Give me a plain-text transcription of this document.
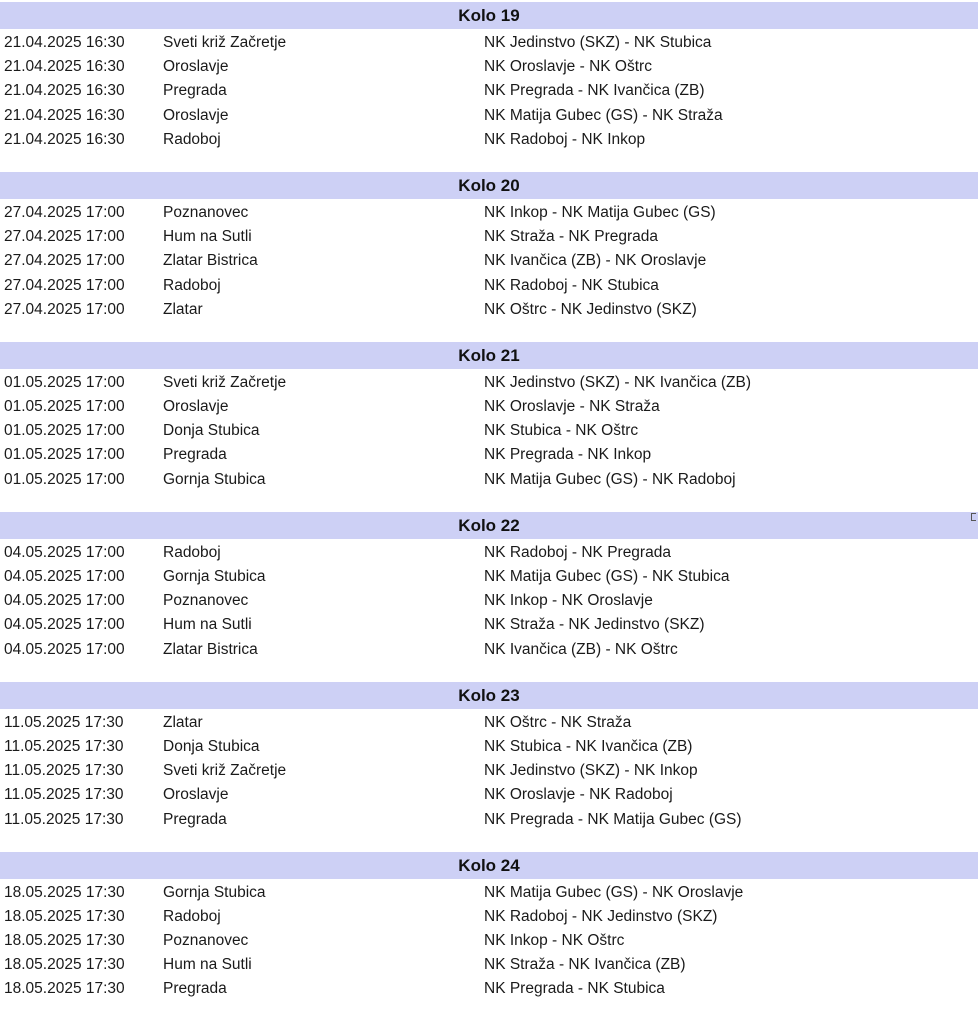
Kolo 19
21.04.2025 16:30 Sveti križ Začretje	NK Jedinstvo (SKZ) - NK Stubica
21.04.2025 16:30 Oroslavje	NK Oroslavje - NK Oštrc
21.04.2025 16:30 Pregrada	NK Pregrada - NK Ivančica (ZB)
21.04.2025 16:30 Oroslavje	NK Matija Gubec (GS) - NK Straža
21.04.2025 16:30 Radoboj	NK Radoboj - NK Inkop
Kolo 20
27.04.2025 17:00 Poznanovec	NK Inkop - NK Matija Gubec (GS)
27.04.2025 17:00 Hum na Sutli	NK Straža - NK Pregrada
27.04.2025 17:00 Zlatar Bistrica	NK Ivančica (ZB) - NK Oroslavje
27.04.2025 17:00 Radoboj	NK Radoboj - NK Stubica
27.04.2025 17:00 Zlatar	NK Oštrc - NK Jedinstvo (SKZ)
Kolo 21
01.05.2025 17:00 Sveti križ Začretje	NK Jedinstvo (SKZ) - NK Ivančica (ZB)
01.05.2025 17:00 Oroslavje	NK Oroslavje - NK Straža
01.05.2025 17:00 Donja Stubica	NK Stubica - NK Oštrc
01.05.2025 17:00 Pregrada	NK Pregrada - NK Inkop
01.05.2025 17:00 Gornja Stubica	NK Matija Gubec (GS) - NK Radoboj
Kolo 22
04.05.2025 17:00 Radoboj	NK Radoboj - NK Pregrada
04.05.2025 17:00 Gornja Stubica	NK Matija Gubec (GS) - NK Stubica
04.05.2025 17:00 Poznanovec	NK Inkop - NK Oroslavje
04.05.2025 17:00 Hum na Sutli	NK Straža - NK Jedinstvo (SKZ)
04.05.2025 17:00 Zlatar Bistrica	NK Ivančica (ZB) - NK Oštrc
Kolo 23
11.05.2025 17:30	Zlatar	NK Oštrc - NK Straža
11.05.2025 17:30	Donja Stubica	NK Stubica - NK Ivančica (ZB)
11.05.2025 17:30	Sveti križ Začretje	NK Jedinstvo (SKZ) - NK Inkop
11.05.2025 17:30	Oroslavje	NK Oroslavje - NK Radoboj
11.05.2025 17:30	Pregrada	NK Pregrada - NK Matija Gubec (GS)
Kolo 24
18.05.2025 17:30 Gornja Stubica	NK Matija Gubec (GS) - NK Oroslavje
18.05.2025 17:30 Radoboj	NK Radoboj - NK Jedinstvo (SKZ)
18.05.2025 17:30 Poznanovec	NK Inkop - NK Oštrc
18.05.2025 17:30 Hum na Sutli	NK Straža - NK Ivančica (ZB)
18.05.2025 17:30 Pregrada	NK Pregrada - NK Stubica
